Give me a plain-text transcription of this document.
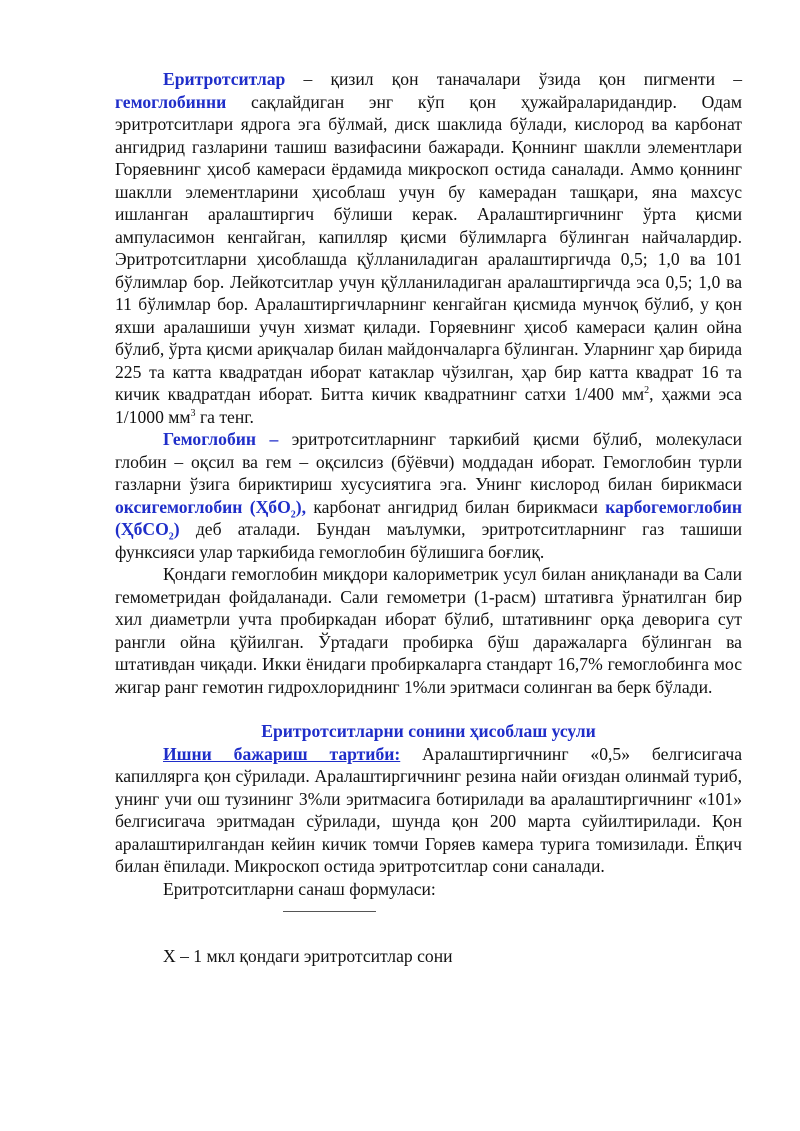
Еритротситлар – қизил қон таначалари ўзида қон пигменти – гемоглобинни сақлайдиган энг кўп қон ҳужайраларидандир. Одам эритротситлари ядрога эга бўлмай, диск шаклида бўлади, кислород ва карбонат ангидрид газларини ташиш вазифасини бажаради. Қоннинг шаклли элементлари Горяевнинг ҳисоб камераси ёрдамида микроскоп остида саналади. Аммо қоннинг шаклли элементларини ҳисоблаш учун бу камерадан ташқари, яна махсус ишланган аралаштиргич бўлиши керак. Аралаштиргичнинг ўрта қисми ампуласимон кенгайган, капилляр қисми бўлимларга бўлинган найчалардир. Эритротситларни ҳисоблашда қўлланиладиган аралаштиргичда 0,5; 1,0 ва 101 бўлимлар бор. Лейкотситлар учун қўлланиладиган аралаштиргичда эса 0,5; 1,0 ва 11 бўлимлар бор. Аралаштиргичларнинг кенгайган қисмида мунчоқ бўлиб, у қон яхши аралашиши учун хизмат қилади. Горяевнинг ҳисоб камераси қалин ойна бўлиб, ўрта қисми ариқчалар билан майдончаларга бўлинган. Уларнинг ҳар бирида 225 та катта квадратдан иборат катаклар чўзилган, ҳар бир катта квадрат 16 та кичик квадратдан иборат. Битта кичик квадратнинг сатхи 1/400 $мм^2$, ҳажми эса 1/1000 $мм^3$ га тенг.

Гемоглобин – эритротситларнинг таркибий қисми бўлиб, молекуласи глобин – оқсил ва гем – оқсилсиз (бўёвчи) моддадан иборат. Гемоглобин турли газларни ўзига бириктириш хусусиятига эга. Унинг кислород билан бирикмаси оксигемоглобин (ҲбО$_2$), карбонат ангидрид билан бирикмаси карбогемоглобин (ҲбСО$_2$) деб аталади. Бундан маълумки, эритротситларнинг газ ташиши функсияси улар таркибида гемоглобин бўлишига боғлиқ.

Қондаги гемоглобин миқдори калориметрик усул билан аниқланади ва Сали гемометридан фойдаланади. Сали гемометри (1-расм) штативга ўрнатилган бир хил диаметрли учта пробиркадан иборат бўлиб, штативнинг орқа деворига сут рангли ойна қўйилган. Ўртадаги пробирка бўш даражаларга бўлинган ва штативдан чиқади. Икки ёнидаги пробиркаларга стандарт 16,7% гемоглобинга мос жигар ранг гемотин гидрохлориднинг 1%ли эритмаси солинган ва берк бўлади.

Еритротситларни сонини ҳисоблаш усули

Ишни бажариш тартиби: Аралаштиргичнинг «0,5» белгисигача капиллярга қон сўрилади. Аралаштиргичнинг резина найи оғиздан олинмай туриб, унинг учи ош тузининг 3%ли эритмасига ботирилади ва аралаштиргичнинг «101» белгисигача эритмадан сўрилади, шунда қон 200 марта суйилтирилади. Қон аралаштирилгандан кейин кичик томчи Горяев камера турига томизилади. Ёпқич билан ёпилади. Микроскоп остида эритротситлар сони саналади.

Еритротситларни санаш формуласи:

Х – 1 мкл қондаги эритротситлар сони
